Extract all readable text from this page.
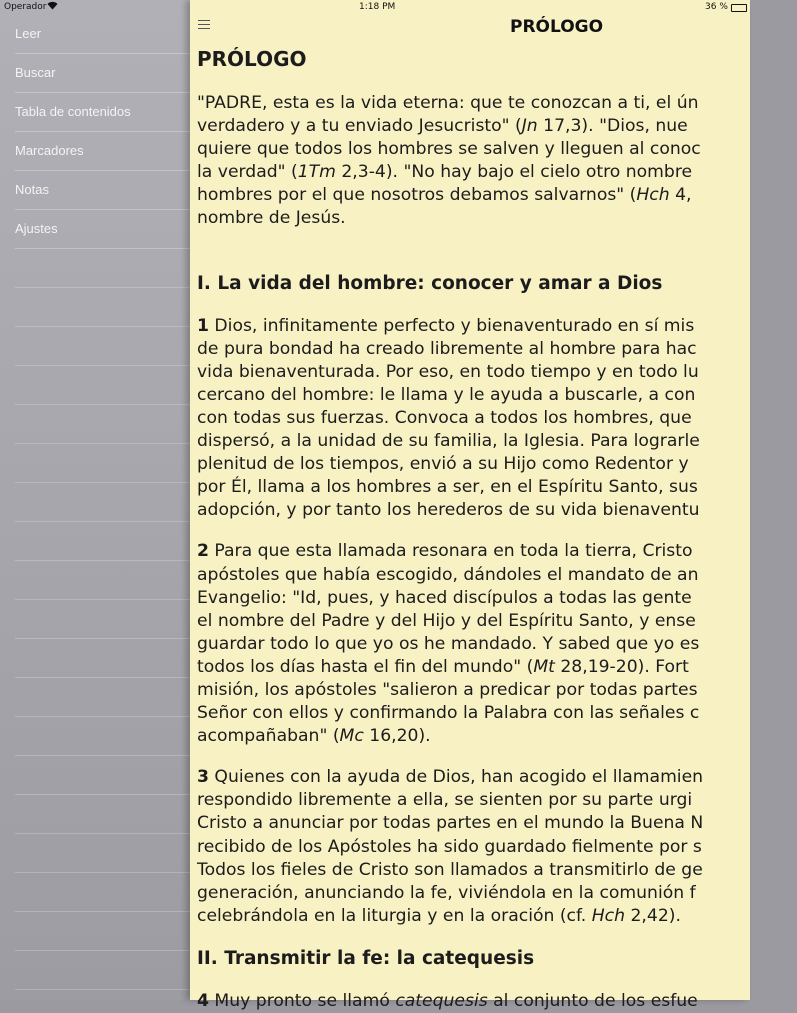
Operador	1:18 PM	36 %
Leer
Buscar
Tabla de contenidos
Marcadores
Notas
Ajustes
PRÓLOGO
PRÓLOGO
"PADRE, esta es la vida eterna: que te conozcan a ti, el ún
verdadero y a tu enviado Jesucristo" (Jn 17,3). "Dios, nue
quiere que todos los hombres se salven y lleguen al conoc
la verdad" (1Tm 2,3-4). "No hay bajo el cielo otro nombre
hombres por el que nosotros debamos salvarnos" (Hch 4,
nombre de Jesús.
I. La vida del hombre: conocer y amar a Dios
1 Dios, infinitamente perfecto y bienaventurado en sí mis
de pura bondad ha creado libremente al hombre para hac
vida bienaventurada. Por eso, en todo tiempo y en todo lu
cercano del hombre: le llama y le ayuda a buscarle, a con
con todas sus fuerzas. Convoca a todos los hombres, que
dispersó, a la unidad de su familia, la Iglesia. Para lograrle
plenitud de los tiempos, envió a su Hijo como Redentor y
por Él, llama a los hombres a ser, en el Espíritu Santo, sus
adopción, y por tanto los herederos de su vida bienaventu
2 Para que esta llamada resonara en toda la tierra, Cristo
apóstoles que había escogido, dándoles el mandato de an
Evangelio: "Id, pues, y haced discípulos a todas las gente
el nombre del Padre y del Hijo y del Espíritu Santo, y ense
guardar todo lo que yo os he mandado. Y sabed que yo es
todos los días hasta el fin del mundo" (Mt 28,19-20). Fort
misión, los apóstoles "salieron a predicar por todas partes
Señor con ellos y confirmando la Palabra con las señales c
acompañaban" (Mc 16,20).
3 Quienes con la ayuda de Dios, han acogido el llamamien
respondido libremente a ella, se sienten por su parte urgi
Cristo a anunciar por todas partes en el mundo la Buena N
recibido de los Apóstoles ha sido guardado fielmente por s
Todos los fieles de Cristo son llamados a transmitirlo de ge
generación, anunciando la fe, viviéndola en la comunión f
celebrándola en la liturgia y en la oración (cf. Hch 2,42).
II. Transmitir la fe: la catequesis
4 Muy pronto se llamó catequesis al conjunto de los esfue
